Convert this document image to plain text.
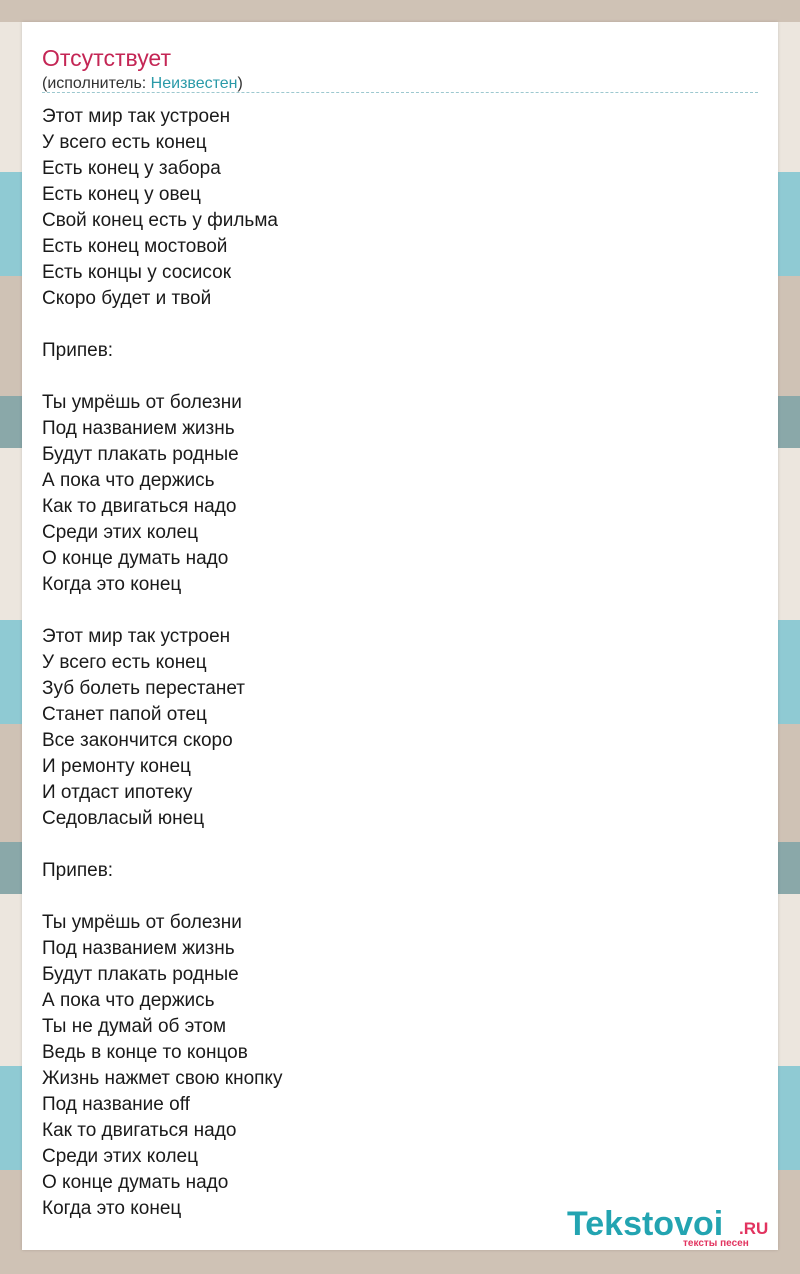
Отсутствует
(исполнитель: Неизвестен)
Этот мир так устроен
У всего есть конец
Есть конец у забора
Есть конец у овец
Свой конец есть у фильма
Есть конец мостовой
Есть концы у сосисок
Скоро будет и твой
Припев:
Ты умрёшь от болезни
Под названием жизнь
Будут плакать родные
А пока что держись
Как то двигаться надо
Среди этих колец
О конце думать надо
Когда это конец
Этот мир так устроен
У всего есть конец
Зуб болеть перестанет
Станет папой отец
Все закончится скоро
И ремонту конец
И отдаст ипотеку
Седовласый юнец
Припев:
Ты умрёшь от болезни
Под названием жизнь
Будут плакать родные
А пока что держись
Ты не думай об этом
Ведь в конце то концов
Жизнь нажмет свою кнопку
Под название off
Как то двигаться надо
Среди этих колец
О конце думать надо
Когда это конец	Tekstovoi .RU
тексты песен
